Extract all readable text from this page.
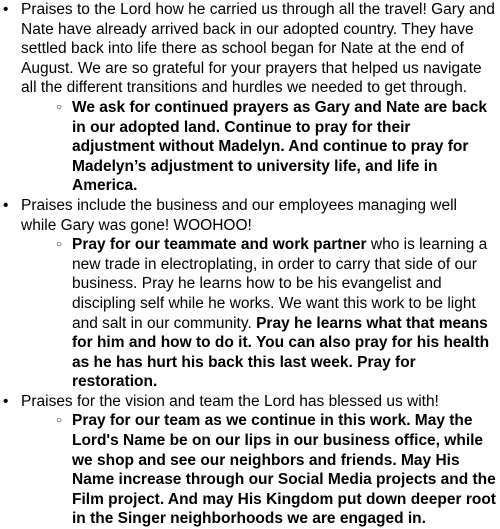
• Praises to the Lord how he carried us through all the travel! Gary and Nate have already arrived back in our adopted country. They have settled back into life there as school began for Nate at the end of August. We are so grateful for your prayers that helped us navigate all the different transitions and hurdles we needed to get through.
○ We ask for continued prayers as Gary and Nate are back in our adopted land. Continue to pray for their adjustment without Madelyn. And continue to pray for Madelyn’s adjustment to university life, and life in America.
• Praises include the business and our employees managing well while Gary was gone! WOOHOO!
○ Pray for our teammate and work partner who is learning a new trade in electroplating, in order to carry that side of our business. Pray he learns how to be his evangelist and discipling self while he works. We want this work to be light and salt in our community. Pray he learns what that means for him and how to do it. You can also pray for his health as he has hurt his back this last week. Pray for restoration.
• Praises for the vision and team the Lord has blessed us with!
○ Pray for our team as we continue in this work. May the Lord's Name be on our lips in our business office, while we shop and see our neighbors and friends. May His Name increase through our Social Media projects and the Film project. And may His Kingdom put down deeper root in the Singer neighborhoods we are engaged in.
